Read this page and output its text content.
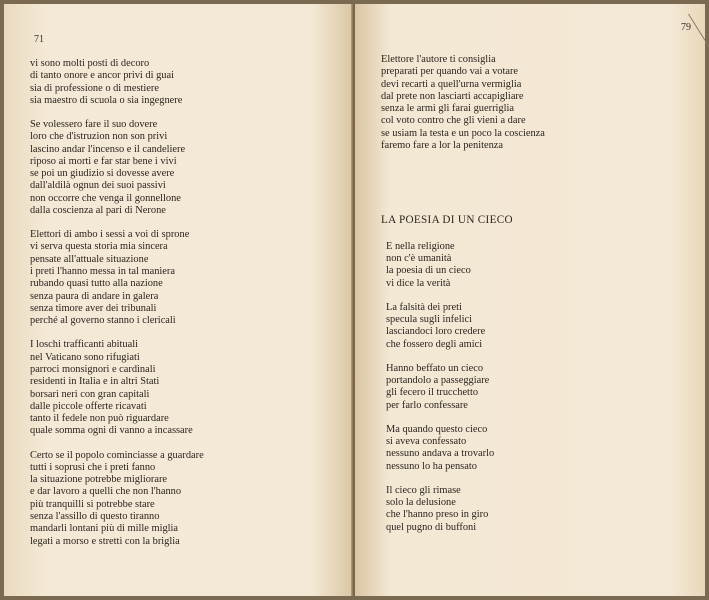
71
vi sono molti posti di decoro
di tanto onore e ancor privi di guai
sia di professione o di mestiere
sia maestro di scuola o sia ingegnere
Se volessero fare il suo dovere
loro che d'istruzion non son privi
lascino andar l'incenso e il candeliere
riposo ai morti e far star bene i vivi
se poi un giudizio si dovesse avere
dall'aldilà ognun dei suoi passivi
non occorre che venga il gonnellone
dalla coscienza al pari di Nerone
Elettori di ambo i sessi a voi di sprone
vi serva questa storia mia sincera
pensate all'attuale situazione
i preti l'hanno messa in tal maniera
rubando quasi tutto alla nazione
senza paura di andare in galera
senza timore aver dei tribunali
perché al governo stanno i clericali
I loschi trafficanti abituali
nel Vaticano sono rifugiati
parroci monsignori e cardinali
residenti in Italia e in altri Stati
borsari neri con gran capitali
dalle piccole offerte ricavati
tanto il fedele non può riguardare
quale somma ogni di vanno a incassare
Certo se il popolo cominciasse a guardare
tutti i soprusi che i preti fanno
la situazione potrebbe migliorare
e dar lavoro a quelli che non l'hanno
più tranquilli si potrebbe stare
senza l'assillo di questo tiranno
mandarli lontani più di mille miglia
legati a morso e stretti con la briglia
79
Elettore l'autore ti consiglia
preparati per quando vai a votare
devi recarti a quell'urna vermiglia
dal prete non lasciarti accapigliare
senza le armi gli farai guerriglia
col voto contro che gli vieni a dare
se usiam la testa e un poco la coscienza
faremo fare a lor la penitenza
LA POESIA DI UN CIECO
E nella religione
non c'è umanità
la poesia di un cieco
vi dice la verità
La falsità dei preti
specula sugli infelici
lasciandoci loro credere
che fossero degli amici
Hanno beffato un cieco
portandolo a passeggiare
gli fecero il trucchetto
per farlo confessare
Ma quando questo cieco
si aveva confessato
nessuno andava a trovarlo
nessuno lo ha pensato
Il cieco gli rimase
solo la delusione
che l'hanno preso in giro
quel pugno di buffoni
